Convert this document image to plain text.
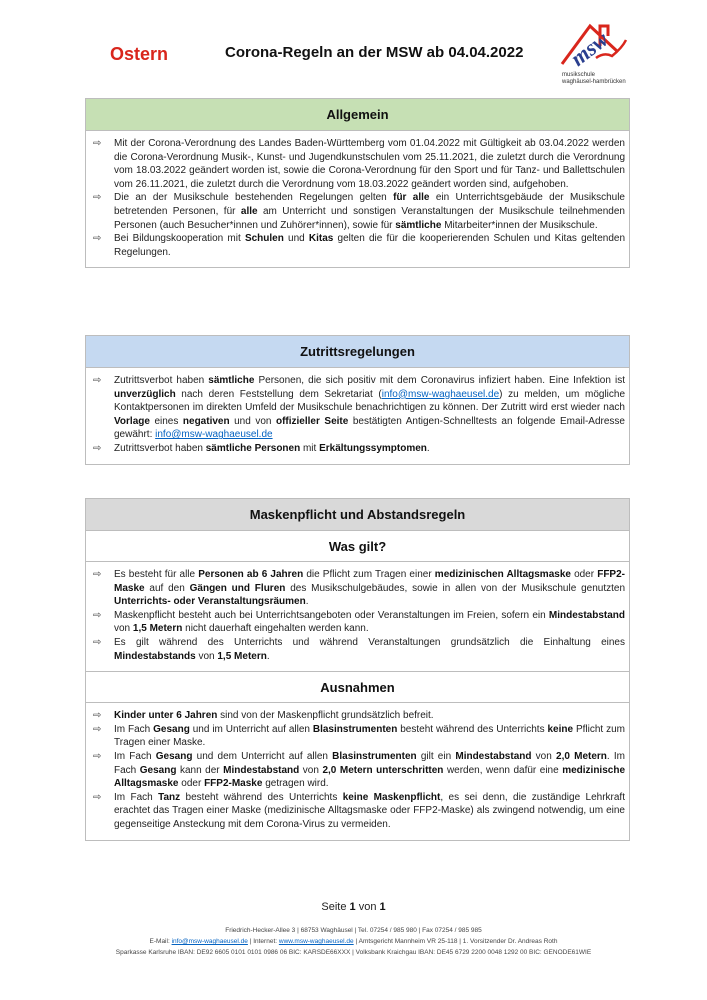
Ostern	Corona-Regeln an der MSW ab 04.04.2022 msw
musikschule
waghäusel-hambrücken
Allgemein
⇨ Mit der Corona-Verordnung des Landes Baden-Württemberg vom 01.04.2022 mit Gültigkeit ab 03.04.2022 werden die Corona-Verordnung Musik-, Kunst- und Jugendkunstschulen vom 25.11.2021, die zuletzt durch die Verordnung vom 18.03.2022 geändert worden ist, sowie die Corona-Verordnung für den Sport und für Tanz- und Ballettschulen vom 26.11.2021, die zuletzt durch die Verordnung vom 18.03.2022 geändert worden sind, aufgehoben.
⇨ Die an der Musikschule bestehenden Regelungen gelten für alle ein Unterrichtsgebäude der Musikschule betretenden Personen, für alle am Unterricht und sonstigen Veranstaltungen der Musikschule teilnehmenden Personen (auch Besucher*innen und Zuhörer*innen), sowie für sämtliche Mitarbeiter*innen der Musikschule.
⇨ Bei Bildungskooperation mit Schulen und Kitas gelten die für die kooperierenden Schulen und Kitas geltenden Regelungen.
Zutrittsregelungen
⇨ Zutrittsverbot haben sämtliche Personen, die sich positiv mit dem Coronavirus infiziert haben. Eine Infektion ist unverzüglich nach deren Feststellung dem Sekretariat (info@msw-waghaeusel.de) zu melden, um mögliche Kontaktpersonen im direkten Umfeld der Musikschule benachrichtigen zu können. Der Zutritt wird erst wieder nach Vorlage eines negativen und von offizieller Seite bestätigten Antigen-Schnelltests an folgende Email-Adresse gewährt: info@msw-waghaeusel.de
⇨ Zutrittsverbot haben sämtliche Personen mit Erkältungssymptomen.
Maskenpflicht und Abstandsregeln
Was gilt?
⇨ Es besteht für alle Personen ab 6 Jahren die Pflicht zum Tragen einer medizinischen Alltagsmaske oder FFP2-Maske auf den Gängen und Fluren des Musikschulgebäudes, sowie in allen von der Musikschule genutzten Unterrichts- oder Veranstaltungsräumen.
⇨ Maskenpflicht besteht auch bei Unterrichtsangeboten oder Veranstaltungen im Freien, sofern ein Mindestabstand von 1,5 Metern nicht dauerhaft eingehalten werden kann.
⇨ Es gilt während des Unterrichts und während Veranstaltungen grundsätzlich die Einhaltung eines Mindestabstands von 1,5 Metern.
Ausnahmen
⇨ Kinder unter 6 Jahren sind von der Maskenpflicht grundsätzlich befreit.
⇨ Im Fach Gesang und im Unterricht auf allen Blasinstrumenten besteht während des Unterrichts keine Pflicht zum Tragen einer Maske.
⇨ Im Fach Gesang und dem Unterricht auf allen Blasinstrumenten gilt ein Mindestabstand von 2,0 Metern. Im Fach Gesang kann der Mindestabstand von 2,0 Metern unterschritten werden, wenn dafür eine medizinische Alltagsmaske oder FFP2-Maske getragen wird.
⇨ Im Fach Tanz besteht während des Unterrichts keine Maskenpflicht, es sei denn, die zuständige Lehrkraft erachtet das Tragen einer Maske (medizinische Alltagsmaske oder FFP2-Maske) als zwingend notwendig, um eine gegenseitige Ansteckung mit dem Corona-Virus zu vermeiden.
Seite 1 von 1
Friedrich-Hecker-Allee 3 | 68753 Waghäusel | Tel. 07254 / 985 980 | Fax 07254 / 985 985
E-Mail: info@msw-waghaeusel.de | Internet: www.msw-waghaeusel.de | Amtsgericht Mannheim VR 25-118 | 1. Vorsitzender Dr. Andreas Roth
Sparkasse Karlsruhe IBAN: DE92 6605 0101 0101 0986 06 BIC: KARSDE66XXX | Volksbank Kraichgau IBAN: DE45 6729 2200 0048 1292 00 BIC: GENODE61WIE
